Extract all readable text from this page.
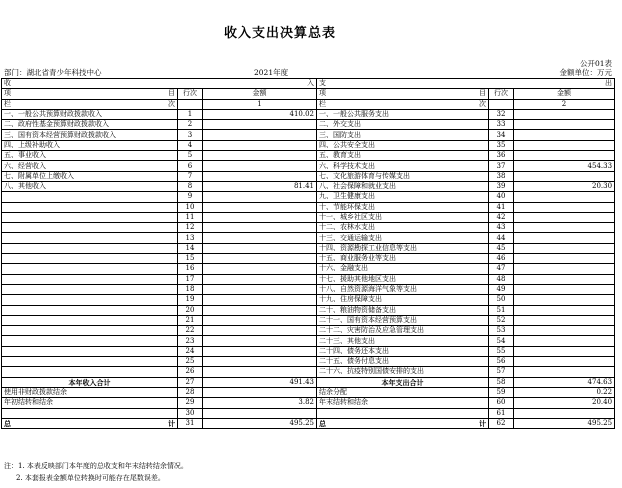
收入支出决算总表
公开01表
部门：湖北省青少年科技中心	2021年度	金额单位：万元
收 入			支 出		

项 目	行次	金额	项 目	行次	金额

栏 次		1	栏 次		2
一、一般公共预算财政拨款收入	1	410.02	一、一般公共服务支出	32	
二、政府性基金预算财政拨款收入	2		二、外交支出	33	
三、国有资本经营预算财政拨款收入	3		三、国防支出	34	
四、上级补助收入	4		四、公共安全支出	35	
五、事业收入	5		五、教育支出	36	
六、经营收入	6		六、科学技术支出	37	454.33
七、附属单位上缴收入	7		七、文化旅游体育与传媒支出	38	
八、其他收入	8	81.41	八、社会保障和就业支出	39	20.30
	9		九、卫生健康支出	40	
	10		十、节能环保支出	41	
	11		十一、城乡社区支出	42	
	12		十二、农林水支出	43	
	13		十三、交通运输支出	44	
	14		十四、资源勘探工业信息等支出	45	
	15		十五、商业服务业等支出	46	
	16		十六、金融支出	47	
	17		十七、援助其他地区支出	48	
	18		十八、自然资源海洋气象等支出	49	
	19		十九、住房保障支出	50	
	20		二十、粮油物资储备支出	51	
	21		二十一、国有资本经营预算支出	52	
	22		二十二、灾害防治及应急管理支出	53	
	23		二十三、其他支出	54	
	24		二十四、债务还本支出	55	
	25		二十五、债务付息支出	56	
	26		二十六、抗疫特别国债安排的支出	57	
本年收入合计	27	491.43	本年支出合计	58	474.63
使用非财政拨款结余	28		结余分配	59	0.22
年初结转和结余	29	3.82	年末结转和结余	60	20.40
	30			61	

总 计	31	495.25	总 计	62	495.25
注：1. 本表反映部门本年度的总收支和年末结转结余情况。
2. 本套报表金额单位转换时可能存在尾数误差。
